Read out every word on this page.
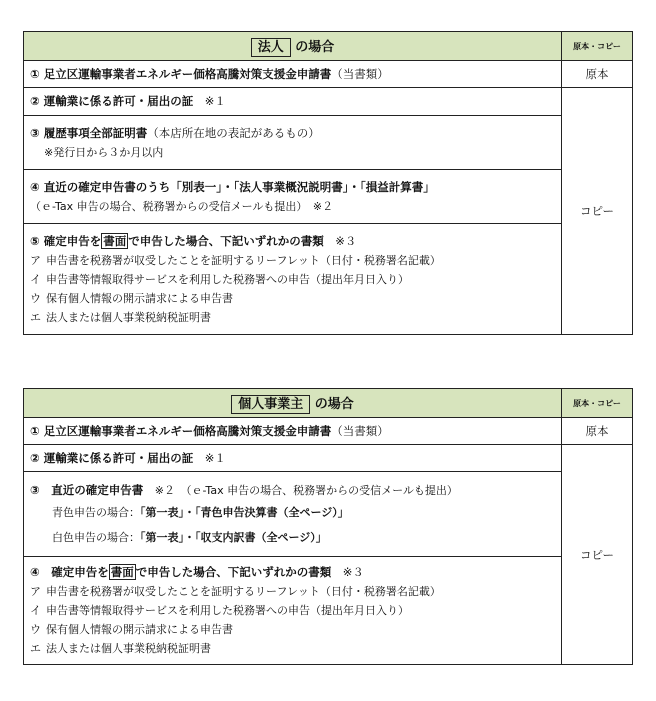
法人 の場合	原本・コピー

① 足立区運輸事業者エネルギー価格高騰対策支援金申請書（当書類）	原本

② 運輸業に係る許可・届出の証　 ※１	コピー

③ 履歴事項全部証明書（本店所在地の表記があるもの）
※発行日から３か月以内	

④ 直近の確定申告書のうち「別表一」・「法人事業概況説明書」・「損益計算書」
（ｅ-Tax 申告の場合、税務署からの受信メールも提出）　※２	

⑤ 確定申告を 書面 で申告した場合、下記いずれかの書類　 ※３
ア 申告書を税務署が収受したことを証明するリーフレット（日付・税務署名記載）
イ 申告書等情報取得サービスを利用した税務署への申告（提出年月日入り）
ウ 保有個人情報の開示請求による申告書
エ 法人または個人事業税納税証明書	
個人事業主 の場合	原本・コピー

① 足立区運輸事業者エネルギー価格高騰対策支援金申請書（当書類）	原本

② 運輸業に係る許可・届出の証　 ※１	コピー

③　直近の確定申告書　 ※２　（ｅ-Tax 申告の場合、税務署からの受信メールも提出）
青色申告の場合：「第一表」・「青色申告決算書（全ページ）」
白色申告の場合：「第一表」・「収支内訳書（全ページ）」	

④　確定申告を 書面 で申告した場合、下記いずれかの書類　 ※３
ア 申告書を税務署が収受したことを証明するリーフレット（日付・税務署名記載）
イ 申告書等情報取得サービスを利用した税務署への申告（提出年月日入り）
ウ 保有個人情報の開示請求による申告書
エ 法人または個人事業税納税証明書	
